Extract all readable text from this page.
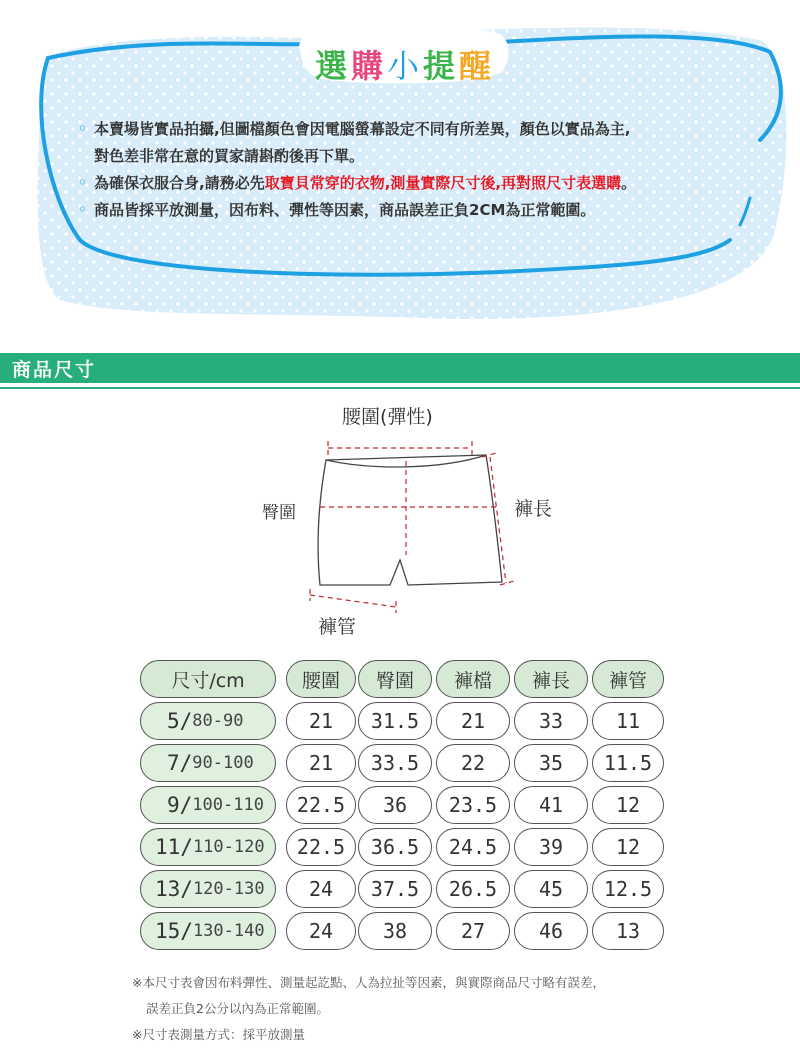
選 購 小 提 醒
◦ 本賣場皆實品拍攝,但圖檔顏色會因電腦螢幕設定不同有所差異，顏色以實品為主,
對色差非常在意的買家請斟酌後再下單。
◦ 為確保衣服合身,請務必先取寶貝常穿的衣物,測量實際尺寸後,再對照尺寸表選購。
◦ 商品皆採平放測量，因布料、彈性等因素，商品誤差正負2CM為正常範圍。
商品尺寸
腰圍(彈性)
臀圍	褲長
褲管
尺寸/cm	腰圍	臀圍	褲檔	褲長	褲管
5/ 80-90	21	31.5	21	33	11
7/ 90-100	21	33.5	22	35	11.5
9/ 100-110	22.5	36	23.5	41	12
11/ 110-120	22.5	36.5	24.5	39	12
13/ 120-130	24	37.5	26.5	45	12.5
15/ 130-140	24	38	27	46	13
※本尺寸表會因布料彈性、測量起訖點、人為拉扯等因素，與實際商品尺寸略有誤差，
誤差正負2公分以內為正常範圍。
※尺寸表測量方式：採平放測量
